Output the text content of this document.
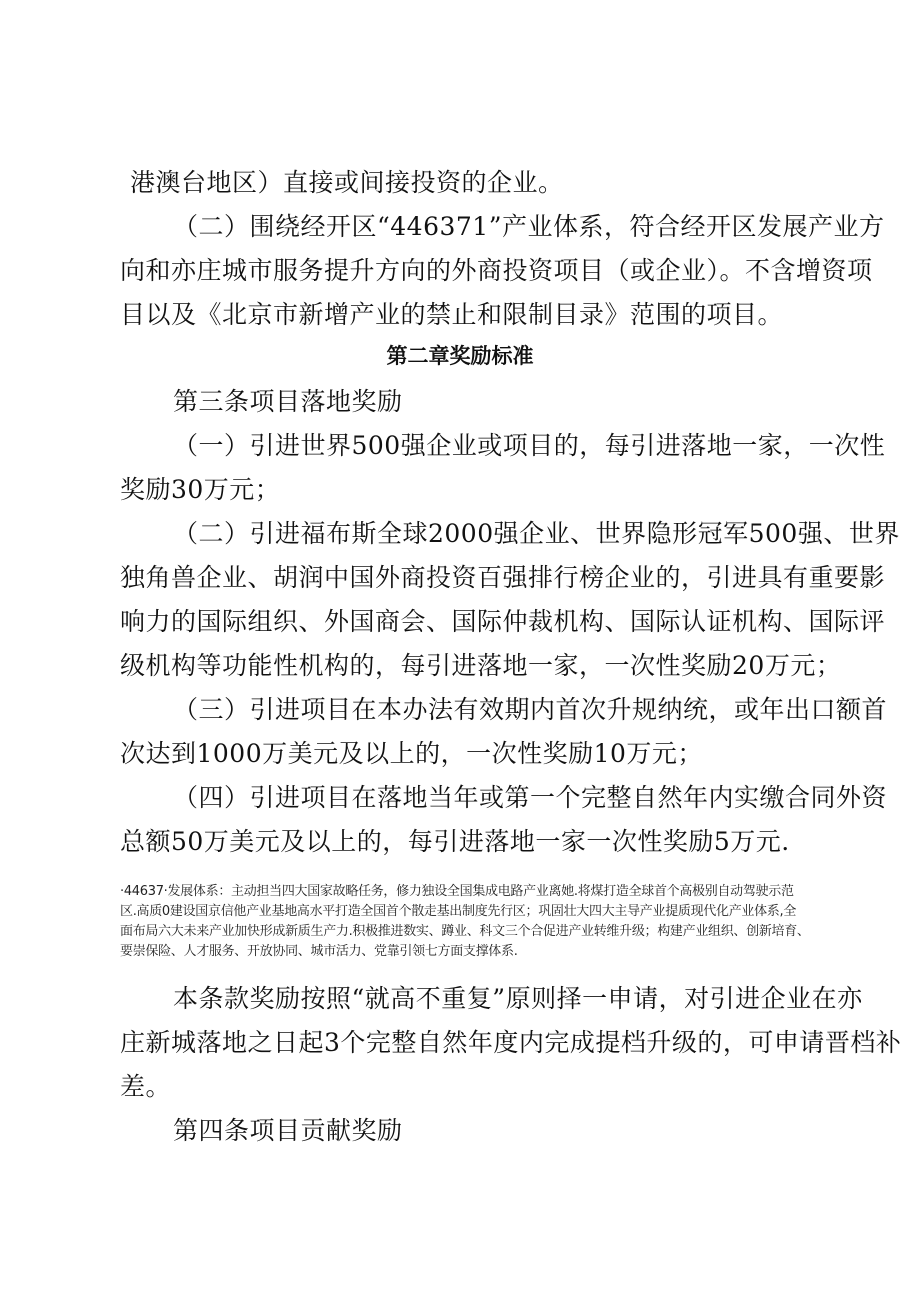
港澳台地区）直接或间接投资的企业。
（二）围绕经开区“446371”产业体系，符合经开区发展产业方
向和亦庄城市服务提升方向的外商投资项目（或企业）。不含增资项
目以及《北京市新增产业的禁止和限制目录》范围的项目。
第二章奖励标准
第三条项目落地奖励
（一）引进世界500强企业或项目的，每引进落地一家，一次性
奖励30万元；
（二）引进福布斯全球2000强企业、世界隐形冠军500强、世界
独角兽企业、胡润中国外商投资百强排行榜企业的，引进具有重要影
响力的国际组织、外国商会、国际仲裁机构、国际认证机构、国际评
级机构等功能性机构的，每引进落地一家，一次性奖励20万元；
（三）引进项目在本办法有效期内首次升规纳统，或年出口额首
次达到1000万美元及以上的，一次性奖励10万元；
（四）引进项目在落地当年或第一个完整自然年内实缴合同外资
总额50万美元及以上的，每引进落地一家一次性奖励5万元.
·44637·发展体系：主动担当四大国家故略任务，修力独设全国集成电路产业离她.将煤打造全球首个高极别自动驾驶示范
区.高质0建设国京信他产业基地高水平打造全国首个散走基出制度先行区；巩固壮大四大主导产业提质现代化产业体系,全
面布局六大未来产业加快形成新质生产力.积极推进数实、蹲业、科文三个合促进产业转维升级；构建产业组织、创新培育、
要崇保险、人才服务、开放协同、城市活力、党靠引领七方面支撑体系.
本条款奖励按照“就高不重复”原则择一申请，对引进企业在亦
庄新城落地之日起3个完整自然年度内完成提档升级的，可申请晋档补
差。
第四条项目贡献奖励
